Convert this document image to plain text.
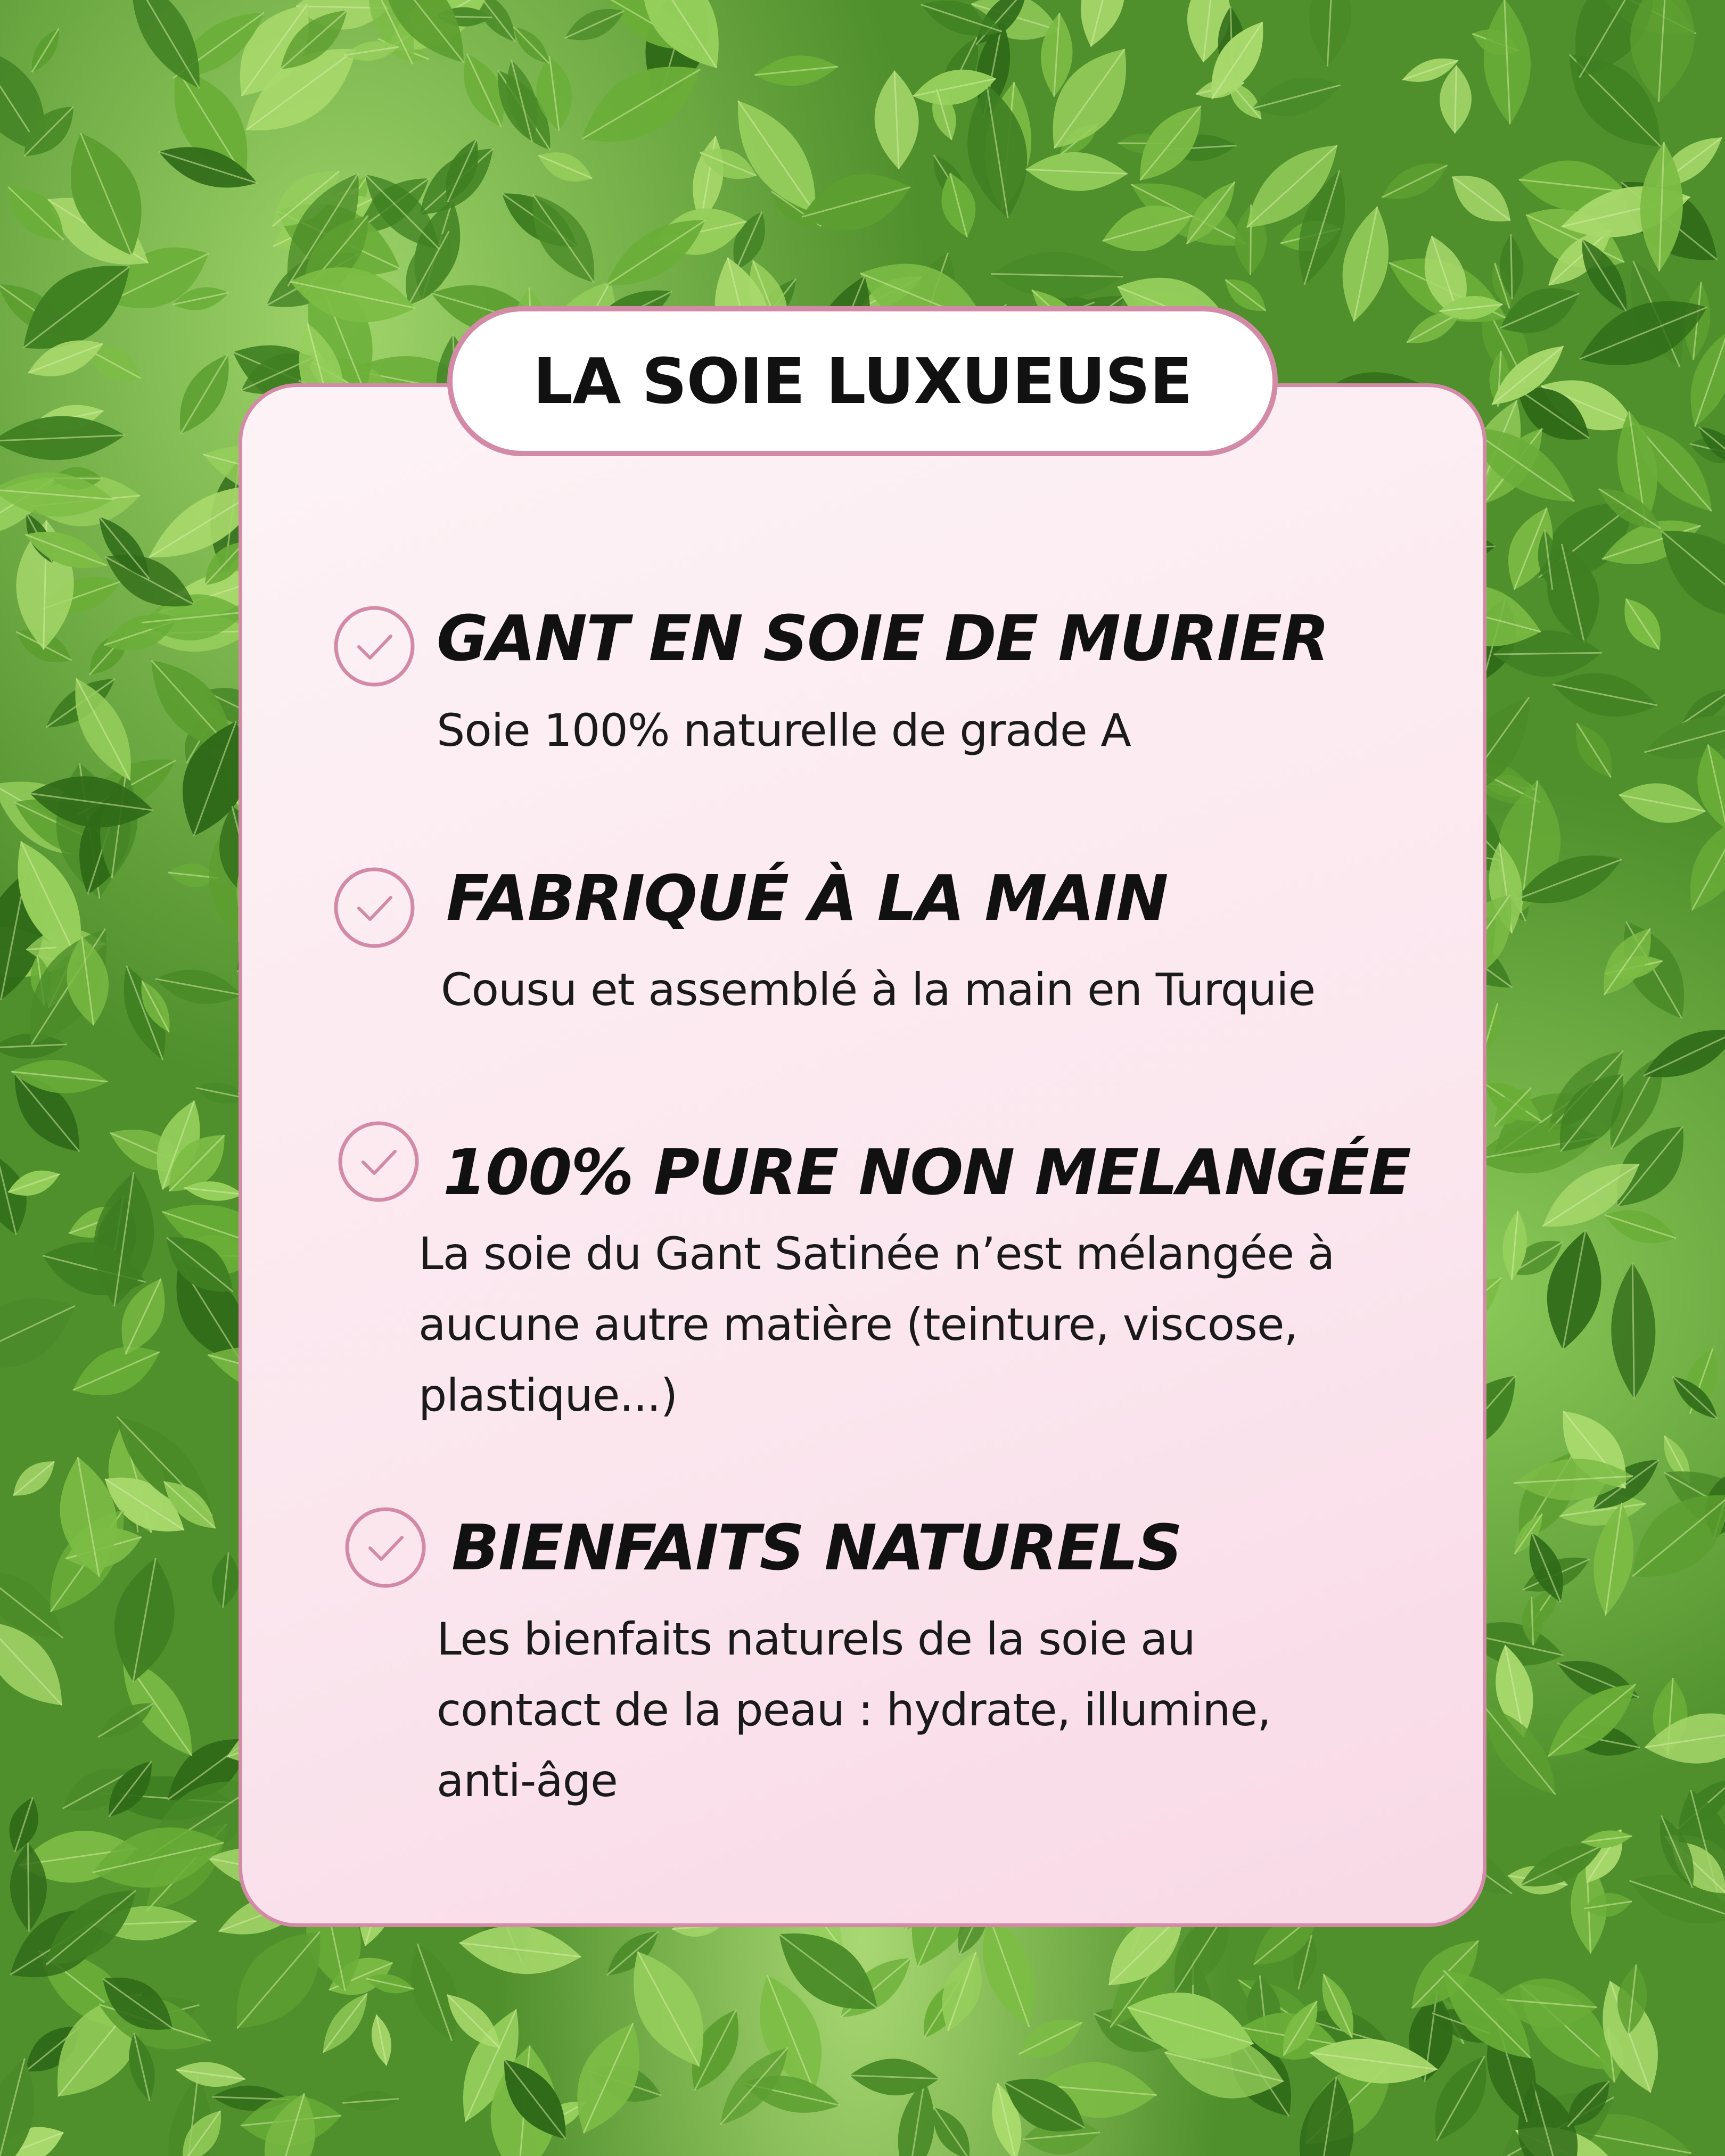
LA SOIE LUXUEUSE
GANT EN SOIE DE MURIER
Soie 100% naturelle de grade A
FABRIQUÉ À LA MAIN
Cousu et assemblé à la main en Turquie
100% PURE NON MELANGÉE
La soie du Gant Satinée n’est mélangée à
aucune autre matière (teinture, viscose,
plastique...)
BIENFAITS NATURELS
Les bienfaits naturels de la soie au
contact de la peau : hydrate, illumine,
anti-âge
